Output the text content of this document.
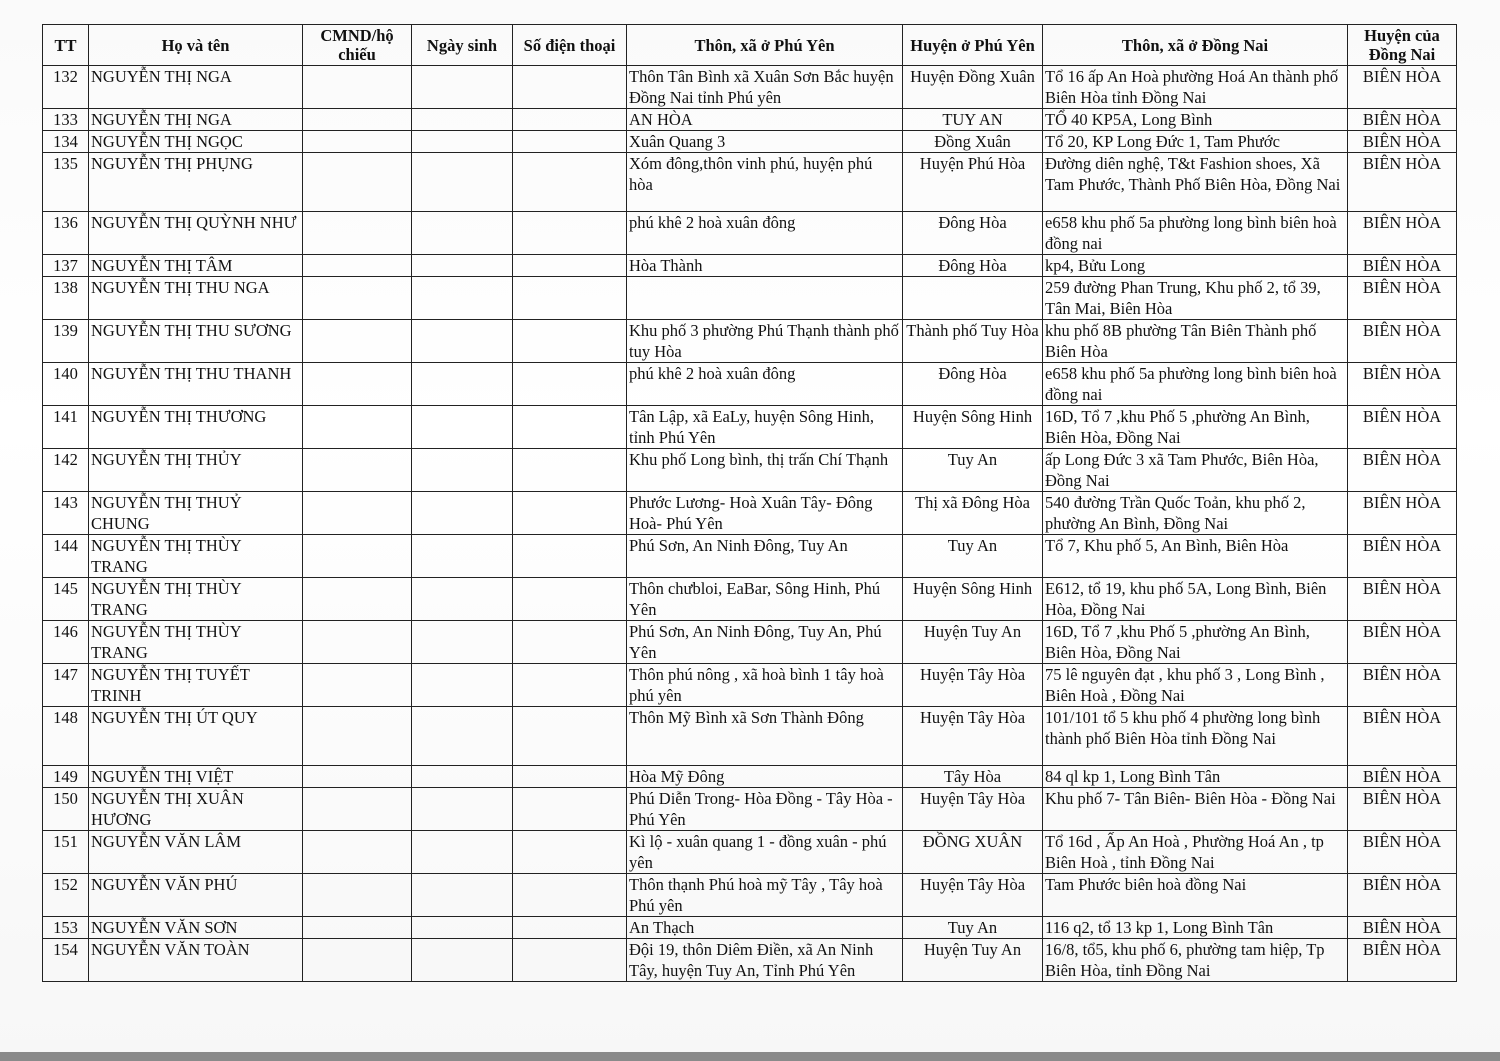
TT	Họ và tên	CMND/hộ chiếu	Ngày sinh	Số điện thoại	Thôn, xã ở Phú Yên	Huyện ở Phú Yên	Thôn, xã ở Đồng Nai	Huyện của Đồng Nai
132	NGUYỄN THỊ NGA				Thôn Tân Bình xã Xuân Sơn Bắc huyện Đồng Nai tỉnh Phú yên	Huyện Đồng Xuân	Tổ 16 ấp An Hoà phường Hoá An thành phố Biên Hòa tỉnh Đồng Nai	BIÊN HÒA
133	NGUYỄN THỊ NGA				AN HÒA	TUY AN	TỔ 40 KP5A, Long Bình	BIÊN HÒA
134	NGUYỄN THỊ NGỌC				Xuân Quang 3	Đồng Xuân	Tổ 20, KP Long Đức 1, Tam Phước	BIÊN HÒA
135	NGUYỄN THỊ PHỤNG				Xóm đông,thôn vinh phú, huyện phú hòa	Huyện Phú Hòa	Đường diên nghệ, T&t Fashion shoes, Xã Tam Phước, Thành Phố Biên Hòa, Đồng Nai	BIÊN HÒA
136	NGUYỄN THỊ QUỲNH NHƯ				phú khê 2 hoà xuân đông	Đông Hòa	e658 khu phố 5a phường long bình biên hoà đồng nai	BIÊN HÒA
137	NGUYỄN THỊ TÂM				Hòa Thành	Đông Hòa	kp4, Bửu Long	BIÊN HÒA
138	NGUYỄN THỊ THU NGA						259 đường Phan Trung, Khu phố 2, tổ 39, Tân Mai, Biên Hòa	BIÊN HÒA
139	NGUYỄN THỊ THU SƯƠNG				Khu phố 3 phường Phú Thạnh thành phố tuy Hòa	Thành phố Tuy Hòa	khu phố 8B phường Tân Biên Thành phố Biên Hòa	BIÊN HÒA
140	NGUYỄN THỊ THU THANH				phú khê 2 hoà xuân đông	Đông Hòa	e658 khu phố 5a phường long bình biên hoà đồng nai	BIÊN HÒA
141	NGUYỄN THỊ THƯƠNG				Tân Lập, xã EaLy, huyện Sông Hinh, tỉnh Phú Yên	Huyện Sông Hinh	16D, Tổ 7 ,khu Phố 5 ,phường An Bình, Biên Hòa, Đồng Nai	BIÊN HÒA
142	NGUYỄN THỊ THỦY				Khu phố Long bình, thị trấn Chí Thạnh	Tuy An	ấp Long Đức 3 xã Tam Phước, Biên Hòa, Đồng Nai	BIÊN HÒA
143	NGUYỄN THỊ THUỶ CHUNG				Phước Lương- Hoà Xuân Tây- Đông Hoà- Phú Yên	Thị xã Đông Hòa	540 đường Trần Quốc Toản, khu phố 2, phường An Bình, Đồng Nai	BIÊN HÒA
144	NGUYỄN THỊ THÙY TRANG				Phú Sơn, An Ninh Đông, Tuy An	Tuy An	Tổ 7, Khu phố 5, An Bình, Biên Hòa	BIÊN HÒA
145	NGUYỄN THỊ THÙY TRANG				Thôn chưbloi, EaBar, Sông Hinh, Phú Yên	Huyện Sông Hinh	E612, tổ 19, khu phố 5A, Long Bình, Biên Hòa, Đồng Nai	BIÊN HÒA
146	NGUYỄN THỊ THÙY TRANG				Phú Sơn, An Ninh Đông, Tuy An, Phú Yên	Huyện Tuy An	16D, Tổ 7 ,khu Phố 5 ,phường An Bình, Biên Hòa, Đồng Nai	BIÊN HÒA
147	NGUYỄN THỊ TUYẾT TRINH				Thôn phú nông , xã hoà bình 1 tây hoà phú yên	Huyện Tây Hòa	75 lê nguyên đạt , khu phố 3 , Long Bình , Biên Hoà , Đồng Nai	BIÊN HÒA
148	NGUYỄN THỊ ÚT QUY				Thôn Mỹ Bình xã Sơn Thành Đông	Huyện Tây Hòa	101/101 tổ 5 khu phố 4 phường long bình thành phố Biên Hòa tỉnh Đồng Nai	BIÊN HÒA
149	NGUYỄN THỊ VIỆT				Hòa Mỹ Đông	Tây Hòa	84 ql kp 1, Long Bình Tân	BIÊN HÒA
150	NGUYỄN THỊ XUÂN HƯƠNG				Phú Diễn Trong- Hòa Đồng - Tây Hòa - Phú Yên	Huyện Tây Hòa	Khu phố 7- Tân Biên- Biên Hòa - Đồng Nai	BIÊN HÒA
151	NGUYỄN VĂN LÂM				Kì lộ - xuân quang 1 - đồng xuân - phú yên	ĐỒNG XUÂN	Tổ 16d , Ấp An Hoà , Phường Hoá An , tp Biên Hoà , tỉnh Đồng Nai	BIÊN HÒA
152	NGUYỄN VĂN PHÚ				Thôn thạnh Phú hoà mỹ Tây , Tây hoà Phú yên	Huyện Tây Hòa	Tam Phước biên hoà đồng Nai	BIÊN HÒA
153	NGUYỄN VĂN SƠN				An Thạch	Tuy An	116 q2, tổ 13 kp 1, Long Bình Tân	BIÊN HÒA
154	NGUYỄN VĂN TOÀN				Đội 19, thôn Diêm Điền, xã An Ninh Tây, huyện Tuy An, Tỉnh Phú Yên	Huyện Tuy An	16/8, tổ5, khu phố 6, phường tam hiệp, Tp Biên Hòa, tỉnh Đồng Nai	BIÊN HÒA
